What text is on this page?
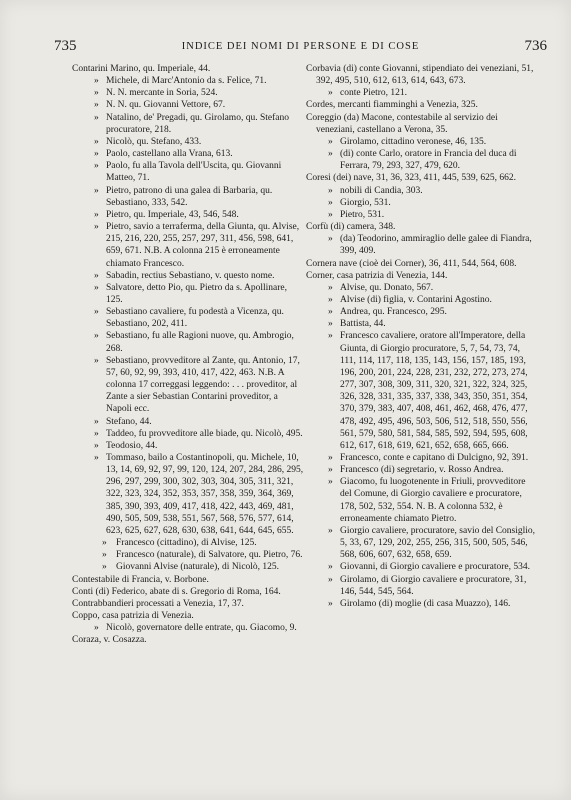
735	INDICE DEI NOMI DI PERSONE E DI COSE	736
Contarini Marino, qu. Imperiale, 44.
» Michele, di Marc'Antonio da s. Felice, 71.
» N. N. mercante in Soria, 524.
» N. N. qu. Giovanni Vettore, 67.
» Natalino, de' Pregadi, qu. Girolamo, qu. Stefano procuratore, 218.
» Nicolò, qu. Stefano, 433.
» Paolo, castellano alla Vrana, 613.
» Paolo, fu alla Tavola dell'Uscita, qu. Giovanni Matteo, 71.
» Pietro, patrono di una galea di Barbaria, qu. Sebastiano, 333, 542.
» Pietro, qu. Imperiale, 43, 546, 548.
» Pietro, savio a terraferma, della Giunta, qu. Alvise, 215, 216, 220, 255, 257, 297, 311, 456, 598, 641, 659, 671. N.B. A colonna 215 è erroneamente chiamato Francesco.
» Sabadin, rectius Sebastiano, v. questo nome.
» Salvatore, detto Pio, qu. Pietro da s. Apollinare, 125.
» Sebastiano cavaliere, fu podestà a Vicenza, qu. Sebastiano, 202, 411.
» Sebastiano, fu alle Ragioni nuove, qu. Ambrogio, 268.
» Sebastiano, provveditore al Zante, qu. Antonio, 17, 57, 60, 92, 99, 393, 410, 417, 422, 463. N.B. A colonna 17 correggasi leggendo: . . . proveditor, al Zante a sier Sebastian Contarini proveditor, a Napoli ecc.
» Stefano, 44.
» Taddeo, fu provveditore alle biade, qu. Nicolò, 495.
» Teodosio, 44.
» Tommaso, bailo a Costantinopoli, qu. Michele, 10, 13, 14, 69, 92, 97, 99, 120, 124, 207, 284, 286, 295, 296, 297, 299, 300, 302, 303, 304, 305, 311, 321, 322, 323, 324, 352, 353, 357, 358, 359, 364, 369, 385, 390, 393, 409, 417, 418, 422, 443, 469, 481, 490, 505, 509, 538, 551, 567, 568, 576, 577, 614, 623, 625, 627, 628, 630, 638, 641, 644, 645, 655.
» Francesco (cittadino), di Alvise, 125.
» Francesco (naturale), di Salvatore, qu. Pietro, 76.
» Giovanni Alvise (naturale), di Nicolò, 125.
Contestabile di Francia, v. Borbone.
Conti (di) Federico, abate di s. Gregorio di Roma, 164.
Contrabbandieri processati a Venezia, 17, 37.
Coppo, casa patrizia di Venezia.
» Nicolò, governatore delle entrate, qu. Giacomo, 9.
Coraza, v. Cosazza.
Corbavia (di) conte Giovanni, stipendiato dei veneziani, 51, 392, 495, 510, 612, 613, 614, 643, 673.
» conte Pietro, 121.
Cordes, mercanti fiamminghi a Venezia, 325.
Coreggio (da) Macone, contestabile al servizio dei veneziani, castellano a Verona, 35.
» Girolamo, cittadino veronese, 46, 135.
» (di) conte Carlo, oratore in Francia del duca di Ferrara, 79, 293, 327, 479, 620.
Coresi (dei) nave, 31, 36, 323, 411, 445, 539, 625, 662.
» nobili di Candia, 303.
» Giorgio, 531.
» Pietro, 531.
Corfù (di) camera, 348.
» (da) Teodorino, ammiraglio delle galee di Fiandra, 399, 409.
Cornera nave (cioè dei Corner), 36, 411, 544, 564, 608.
Corner, casa patrizia di Venezia, 144.
» Alvise, qu. Donato, 567.
» Alvise (di) figlia, v. Contarini Agostino.
» Andrea, qu. Francesco, 295.
» Battista, 44.
» Francesco cavaliere, oratore all'Imperatore, della Giunta, di Giorgio procuratore, 5, 7, 54, 73, 74, 111, 114, 117, 118, 135, 143, 156, 157, 185, 193, 196, 200, 201, 224, 228, 231, 232, 272, 273, 274, 277, 307, 308, 309, 311, 320, 321, 322, 324, 325, 326, 328, 331, 335, 337, 338, 343, 350, 351, 354, 370, 379, 383, 407, 408, 461, 462, 468, 476, 477, 478, 492, 495, 496, 503, 506, 512, 518, 550, 556, 561, 579, 580, 581, 584, 585, 592, 594, 595, 608, 612, 617, 618, 619, 621, 652, 658, 665, 666.
» Francesco, conte e capitano di Dulcigno, 92, 391.
» Francesco (di) segretario, v. Rosso Andrea.
» Giacomo, fu luogotenente in Friuli, provveditore del Comune, di Giorgio cavaliere e procuratore, 178, 502, 532, 554. N. B. A colonna 532, è erroneamente chiamato Pietro.
» Giorgio cavaliere, procuratore, savio del Consiglio, 5, 33, 67, 129, 202, 255, 256, 315, 500, 505, 546, 568, 606, 607, 632, 658, 659.
» Giovanni, di Giorgio cavaliere e procuratore, 534.
» Girolamo, di Giorgio cavaliere e procuratore, 31, 146, 544, 545, 564.
» Girolamo (di) moglie (di casa Muazzo), 146.
